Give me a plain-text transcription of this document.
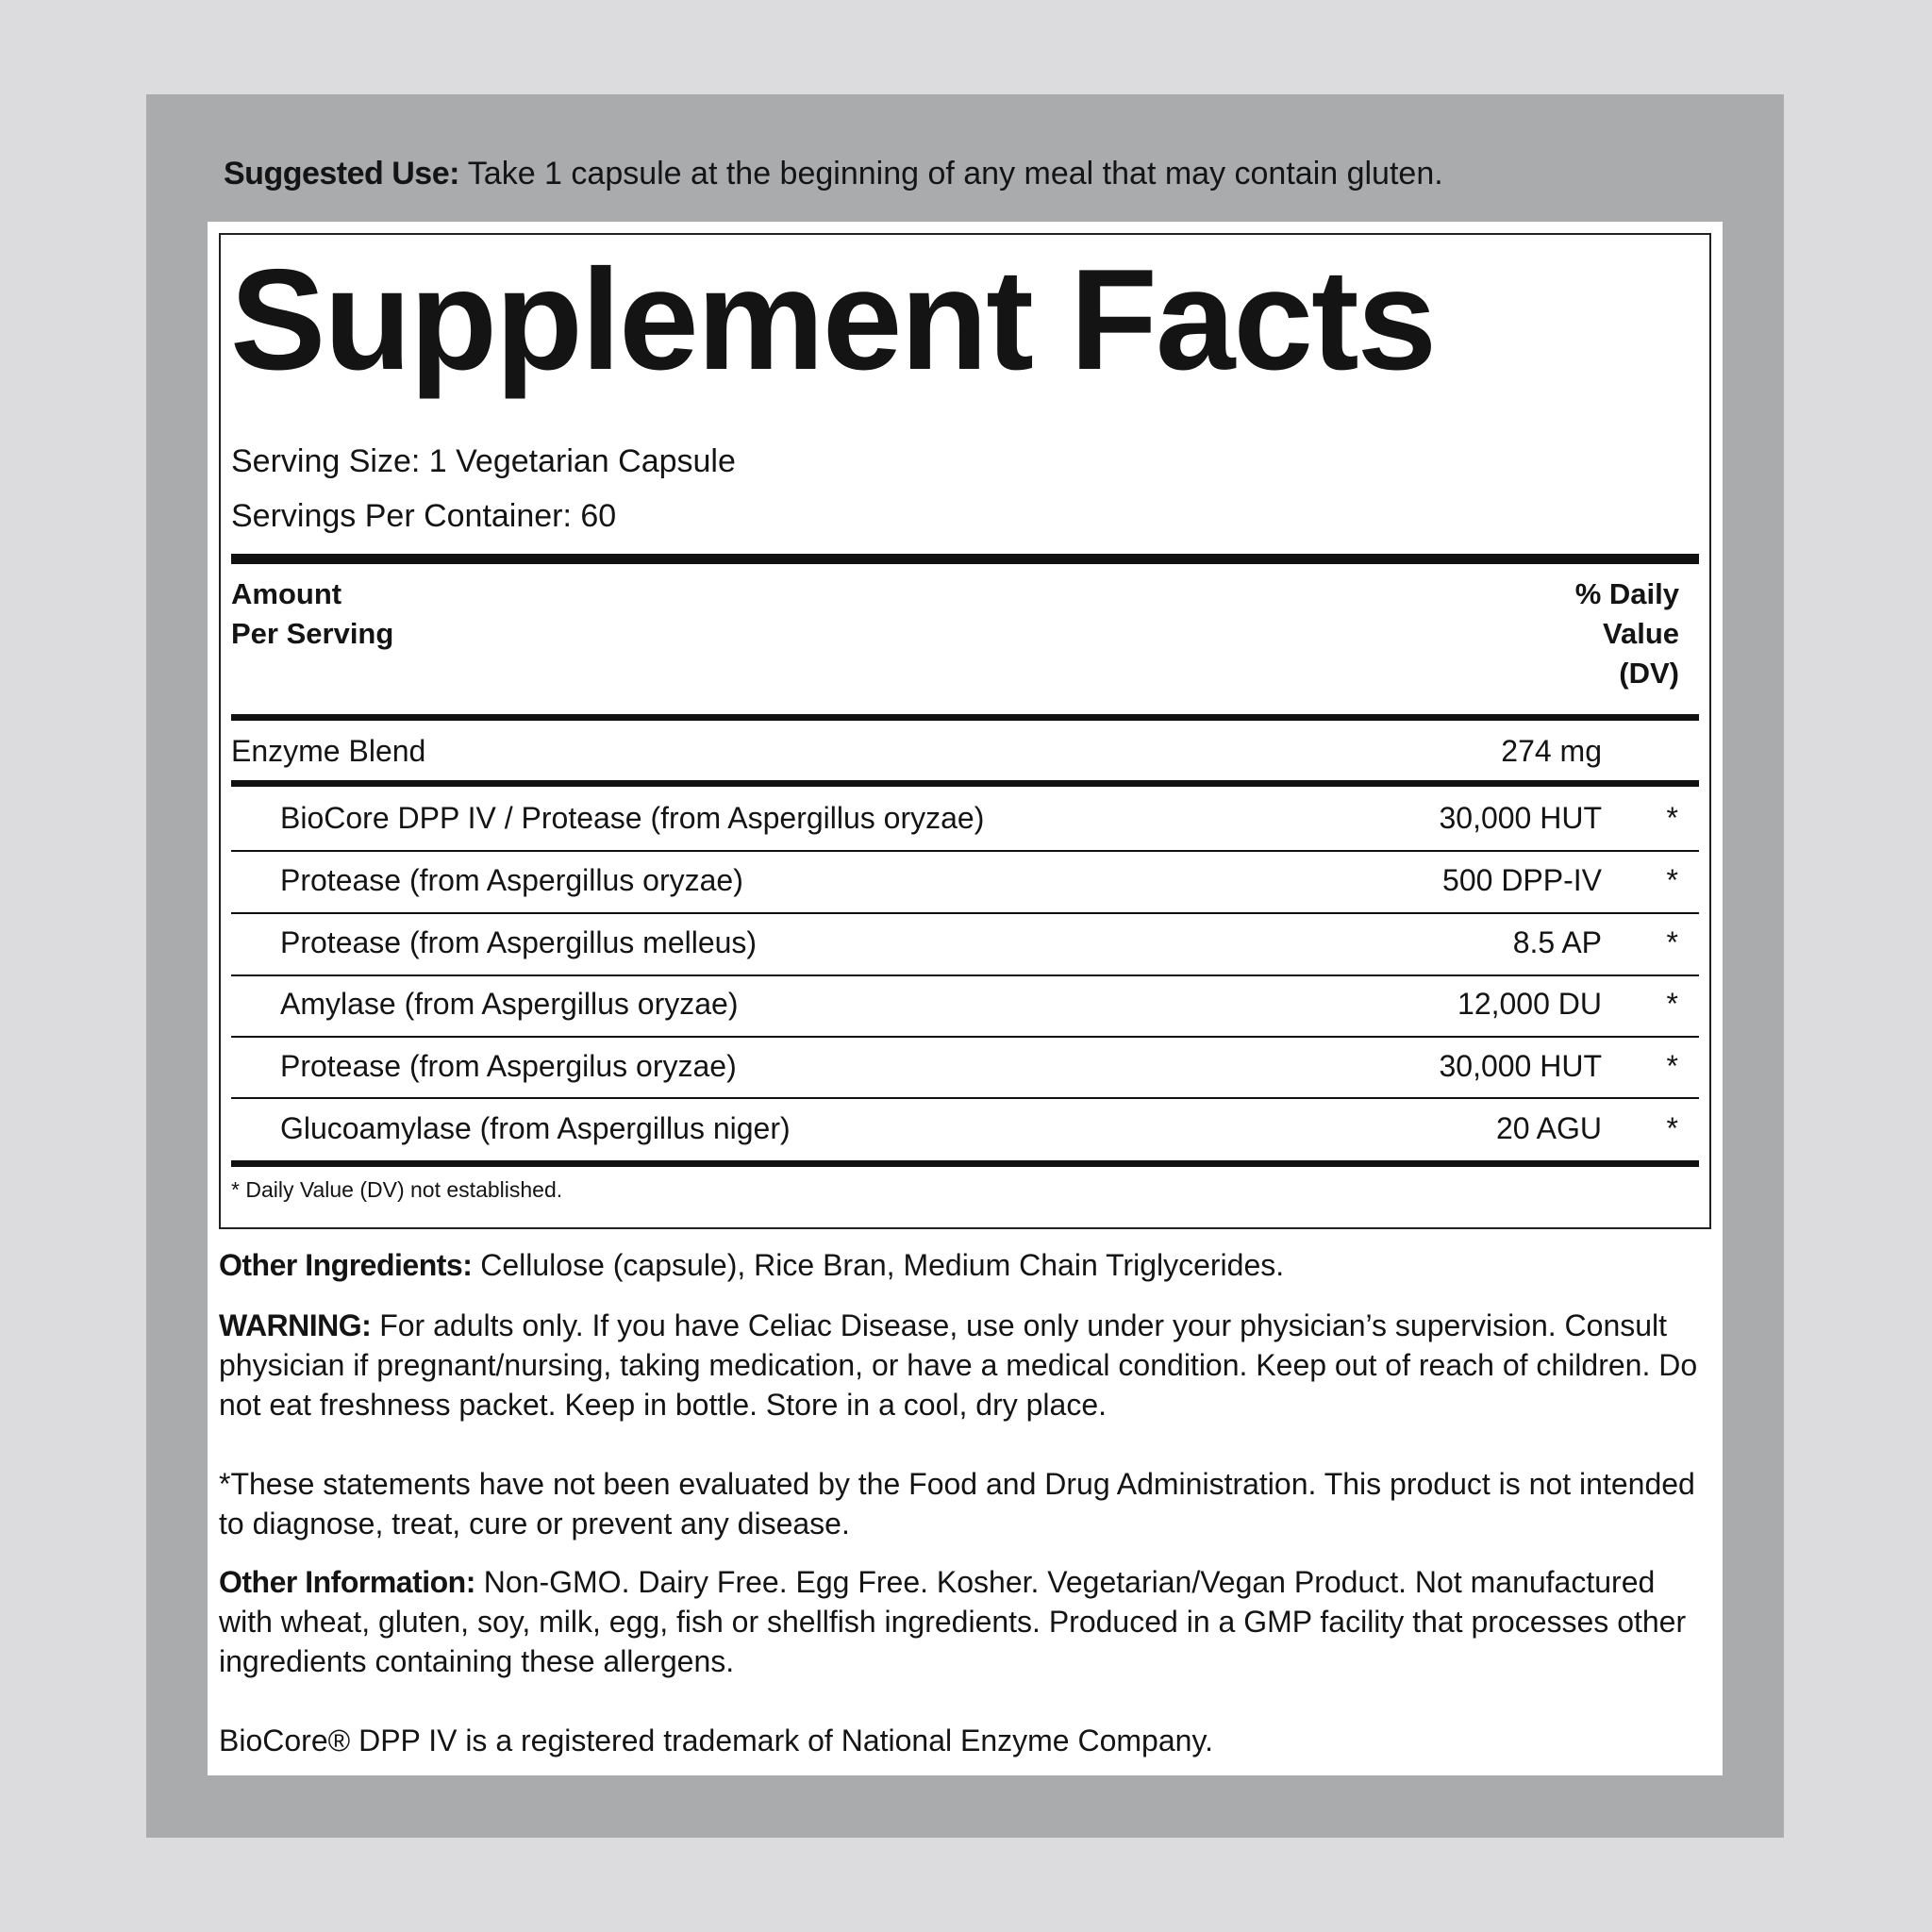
Suggested Use: Take 1 capsule at the beginning of any meal that may contain gluten.
Supplement Facts
Serving Size: 1 Vegetarian Capsule
Servings Per Container: 60
Amount
Per Serving
% Daily
Value
(DV)
Enzyme Blend	274 mg
BioCore DPP IV / Protease (from Aspergillus oryzae)	30,000 HUT *
Protease (from Aspergillus oryzae)	500 DPP-IV *
Protease (from Aspergillus melleus)	8.5 AP *
Amylase (from Aspergillus oryzae)	12,000 DU *
Protease (from Aspergilus oryzae)	30,000 HUT *
Glucoamylase (from Aspergillus niger)	20 AGU *
* Daily Value (DV) not established.
Other Ingredients: Cellulose (capsule), Rice Bran, Medium Chain Triglycerides.
WARNING: For adults only. If you have Celiac Disease, use only under your physician’s supervision. Consult physician if pregnant/nursing, taking medication, or have a medical condition. Keep out of reach of children. Do not eat freshness packet. Keep in bottle. Store in a cool, dry place.
*These statements have not been evaluated by the Food and Drug Administration. This product is not intended to diagnose, treat, cure or prevent any disease.
Other Information: Non-GMO. Dairy Free. Egg Free. Kosher. Vegetarian/Vegan Product. Not manufactured with wheat, gluten, soy, milk, egg, fish or shellfish ingredients. Produced in a GMP facility that processes other ingredients containing these allergens.
BioCore® DPP IV is a registered trademark of National Enzyme Company.
